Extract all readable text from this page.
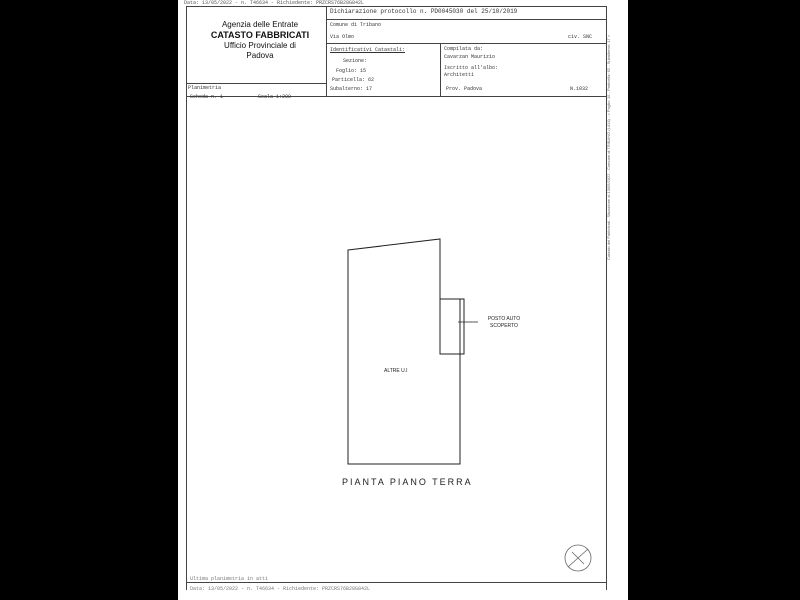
Data: 13/05/2022 - n. T46634 - Richiedente: PRZCRS76B28G842L
Agenzia delle Entrate
CATASTO FABBRICATI
Ufficio Provinciale di
Padova
Dichiarazione protocollo n. PD0045030 del 25/10/2019
Comune di Tribano
Via Olmo	civ. SNC
Identificativi Catastali:
Sezione:
Foglio: 15
Particella: 62
Subalterno: 17
Compilata da:
Cavarzan Maurizio
Iscritto all'albo:
Architetti
Prov. Padova	N.1032
Planimetria
Scheda n. 1	Scala 1:200
POSTO AUTO
SCOPERTO
ALTRE U.I
PIANTA PIANO TERRA
Ultima planimetria in atti
Data: 13/05/2022 - n. T46634 - Richiedente: PRZCRS76B28G842L
Catasto dei Fabbricati - Situazione al 13/05/2022 - Comune di TRIBANO (L414) - < Foglio: 15 - Particella: 62 - Subalterno: 17 >
